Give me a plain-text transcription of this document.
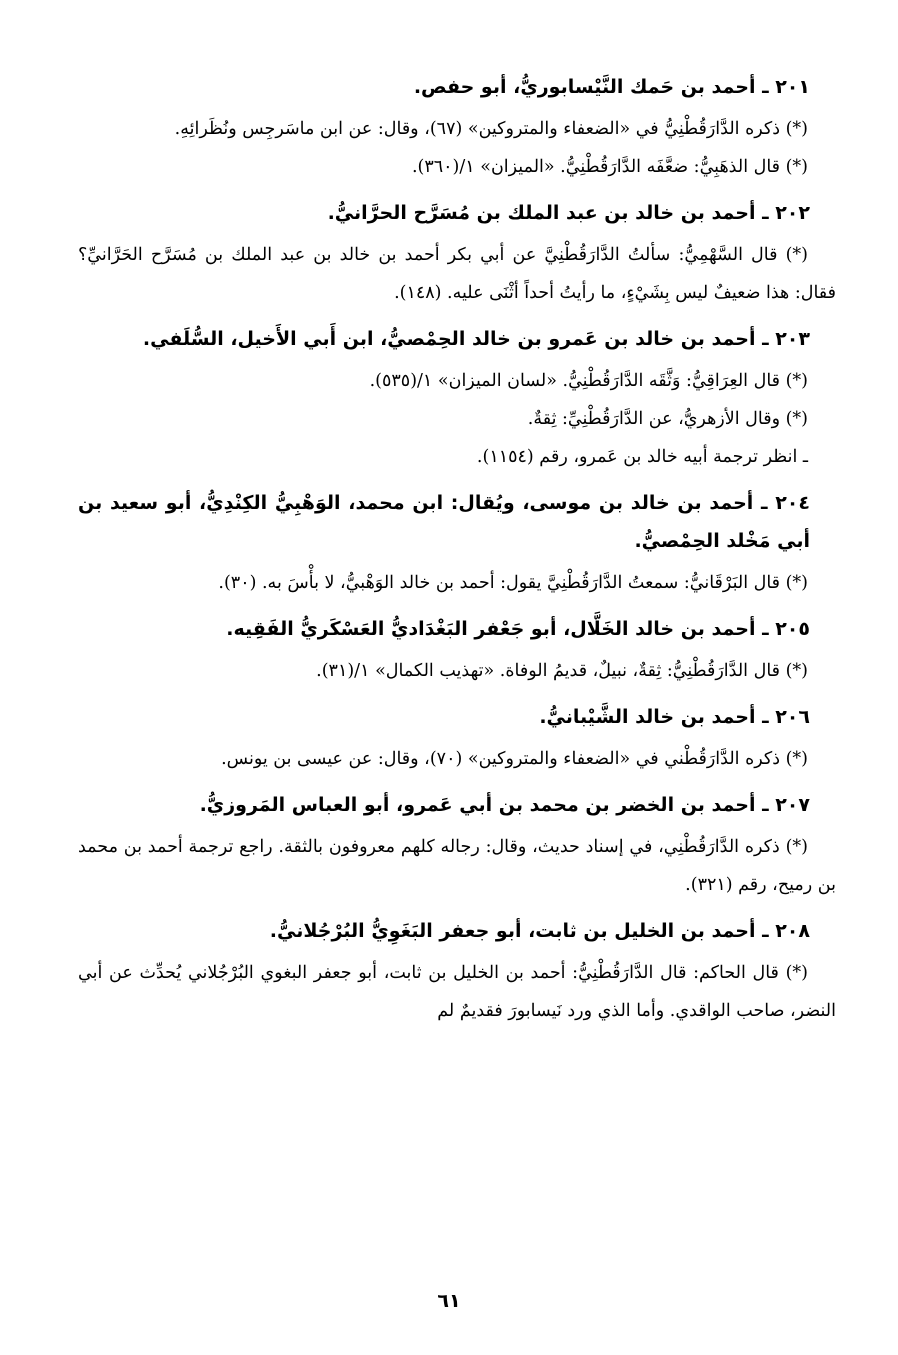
٢٠١ ـ أحمد بن حَمك النَّيْسابوريُّ، أبو حفص.

(*) ذكره الدَّارَقُطْنِيُّ في «الضعفاء والمتروكين» (٦٧)، وقال: عن ابن ماسَرجِس ونُظَرائِهِ.

(*) قال الذهَبِيُّ: ضعَّفَه الدَّارَقُطْنِيُّ. «الميزان» ١/(٣٦٠).

٢٠٢ ـ أحمد بن خالد بن عبد الملك بن مُسَرَّح الحرَّانيُّ.

(*) قال السَّهْمِيُّ: سألتُ الدَّارَقُطْنِيَّ عن أبي بكر أحمد بن خالد بن عبد الملك بن مُسَرَّح الحَرَّانيِّ؟ فقال: هذا ضعيفٌ ليس بِشَيْءٍ، ما رأيتُ أحداً أثْنَى عليه. (١٤٨).

٢٠٣ ـ أحمد بن خالد بن عَمرو بن خالد الحِمْصيُّ، ابن أَبي الأَخيل، السُّلَفي.

(*) قال العِرَاقِيُّ: وَثَّقَه الدَّارَقُطْنِيُّ. «لسان الميزان» ١/(٥٣٥).

(*) وقال الأزهريُّ، عن الدَّارَقُطْنِيِّ: ثِقةٌ.

ـ انظر ترجمة أبيه خالد بن عَمرو، رقم (١١٥٤).

٢٠٤ ـ أحمد بن خالد بن موسى، ويُقال: ابن محمد، الوَهْبِيُّ الكِنْدِيُّ، أبو سعيد بن أبي مَخْلد الحِمْصيُّ.

(*) قال البَرْقَانيُّ: سمعتُ الدَّارَقُطْنِيَّ يقول: أحمد بن خالد الوَهْبيُّ، لا بأْسَ به. (٣٠).

٢٠٥ ـ أحمد بن خالد الخَلَّال، أبو جَعْفر البَغْدَاديُّ العَسْكَريُّ الفَقِيه.

(*) قال الدَّارَقُطْنِيُّ: ثِقةٌ، نبيلٌ، قديمُ الوفاة. «تهذيب الكمال» ١/(٣١).

٢٠٦ ـ أحمد بن خالد الشَّيْبانيُّ.

(*) ذكره الدَّارَقُطْني في «الضعفاء والمتروكين» (٧٠)، وقال: عن عيسى بن يونس.

٢٠٧ ـ أحمد بن الخضر بن محمد بن أبي عَمرو، أبو العباس المَروزيُّ.

(*) ذكره الدَّارَقُطْنِي، في إسناد حديث، وقال: رجاله كلهم معروفون بالثقة. راجع ترجمة أحمد بن محمد بن رميح، رقم (٣٢١).

٢٠٨ ـ أحمد بن الخليل بن ثابت، أبو جعفر البَغَوِيُّ البُرْجُلانيُّ.

(*) قال الحاكم: قال الدَّارَقُطْنِيُّ: أحمد بن الخليل بن ثابت، أبو جعفر البغوي البُرْجُلاني يُحدِّث عن أبي النضر، صاحب الواقدي. وأما الذي ورد نَيسابورَ فقديمٌ لم

٦١
